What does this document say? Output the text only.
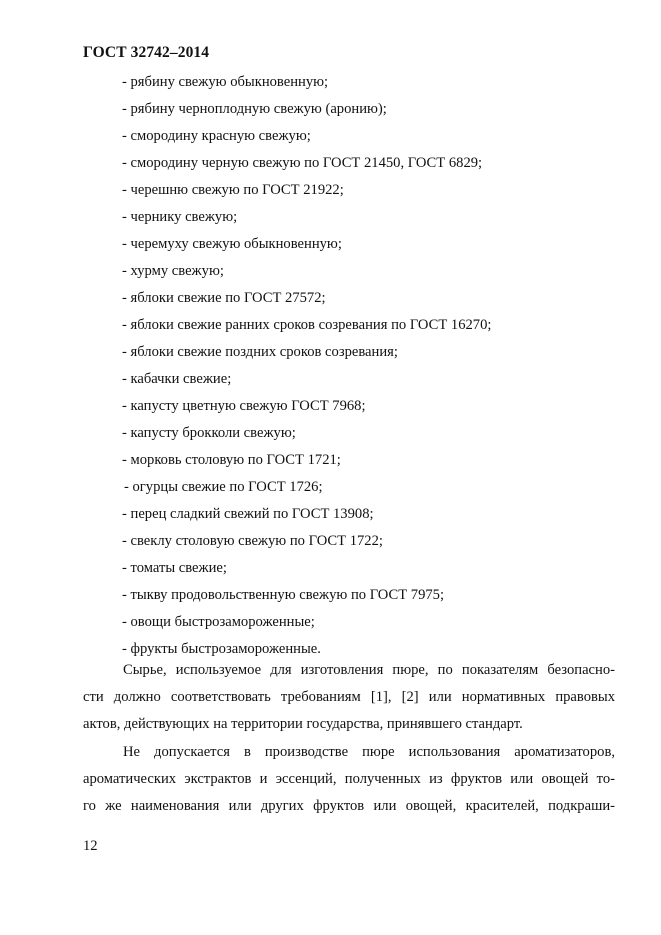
ГОСТ 32742–2014
- рябину свежую обыкновенную;
- рябину черноплодную свежую (аронию);
- смородину красную свежую;
- смородину черную свежую по ГОСТ 21450, ГОСТ 6829;
- черешню свежую по ГОСТ 21922;
- чернику свежую;
- черемуху свежую обыкновенную;
- хурму свежую;
- яблоки свежие по ГОСТ 27572;
- яблоки свежие ранних сроков созревания по ГОСТ 16270;
- яблоки свежие поздних сроков созревания;
- кабачки свежие;
- капусту цветную свежую ГОСТ 7968;
- капусту брокколи свежую;
- морковь столовую по ГОСТ 1721;
- огурцы свежие по ГОСТ 1726;
- перец сладкий свежий по ГОСТ 13908;
- свеклу столовую свежую по ГОСТ 1722;
- томаты свежие;
- тыкву продовольственную свежую по ГОСТ 7975;
- овощи быстрозамороженные;
- фрукты быстрозамороженные.
Сырье, используемое для изготовления пюре, по показателям безопасно-
сти должно соответствовать требованиям [1], [2] или нормативных правовых
актов, действующих на территории государства, принявшего стандарт.
Не допускается в производстве пюре использования ароматизаторов,
ароматических экстрактов и эссенций, полученных из фруктов или овощей то-
го же наименования или других фруктов или овощей, красителей, подкраши-
12
